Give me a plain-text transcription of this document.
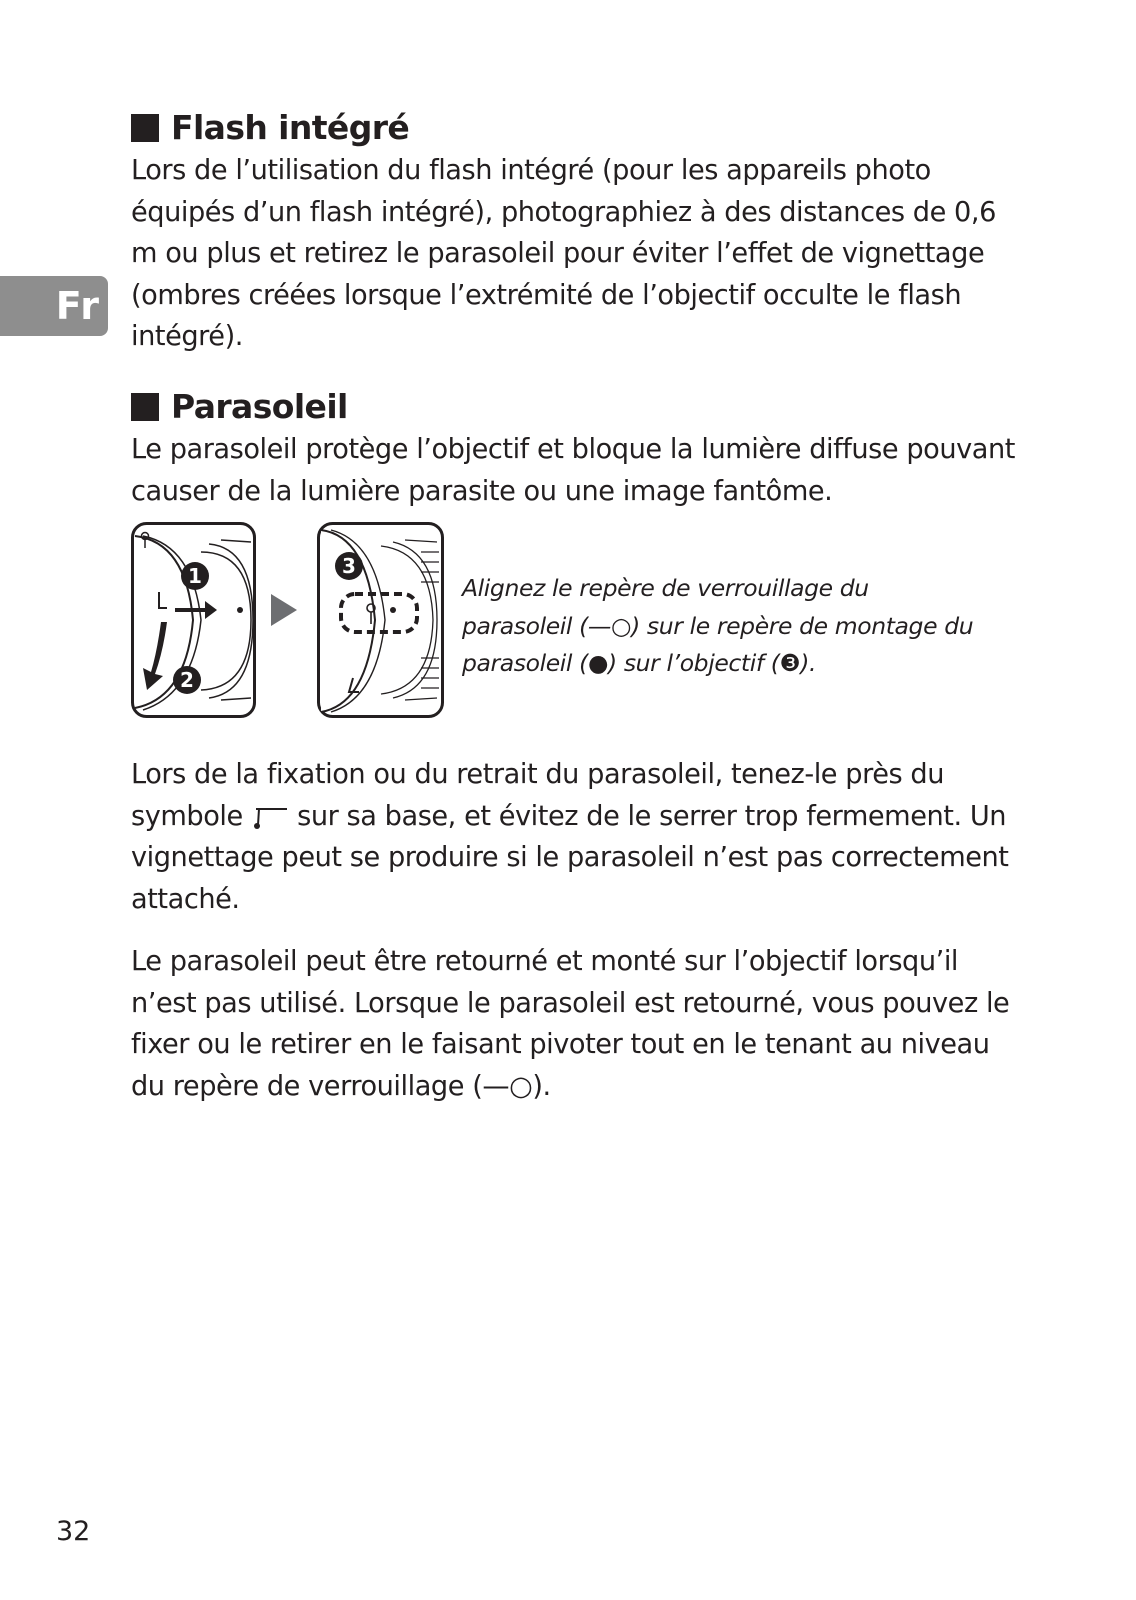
Fr
Flash intégré

Lors de l’utilisation du flash intégré (pour les appareils photo équipés d’un flash intégré), photographiez à des distances de 0,6 m ou plus et retirez le parasoleil pour éviter l’effet de vignettage (ombres créées lorsque l’extrémité de l’objectif occulte le flash intégré).

Parasoleil

Le parasoleil protège l’objectif et bloque la lumière diffuse pouvant causer de la lumière parasite ou une image fantôme.

1
2
3
Alignez le repère de verrouillage du
parasoleil (—○) sur le repère de montage du
parasoleil (●) sur l’objectif (❸).

Lors de la fixation ou du retrait du parasoleil, tenez-le près du symbole  sur sa base, et évitez de le serrer trop fermement. Un vignettage peut se produire si le parasoleil n’est pas correctement attaché.

Le parasoleil peut être retourné et monté sur l’objectif lorsqu’il n’est pas utilisé. Lorsque le parasoleil est retourné, vous pouvez le fixer ou le retirer en le faisant pivoter tout en le tenant au niveau du repère de verrouillage (—○).

32
